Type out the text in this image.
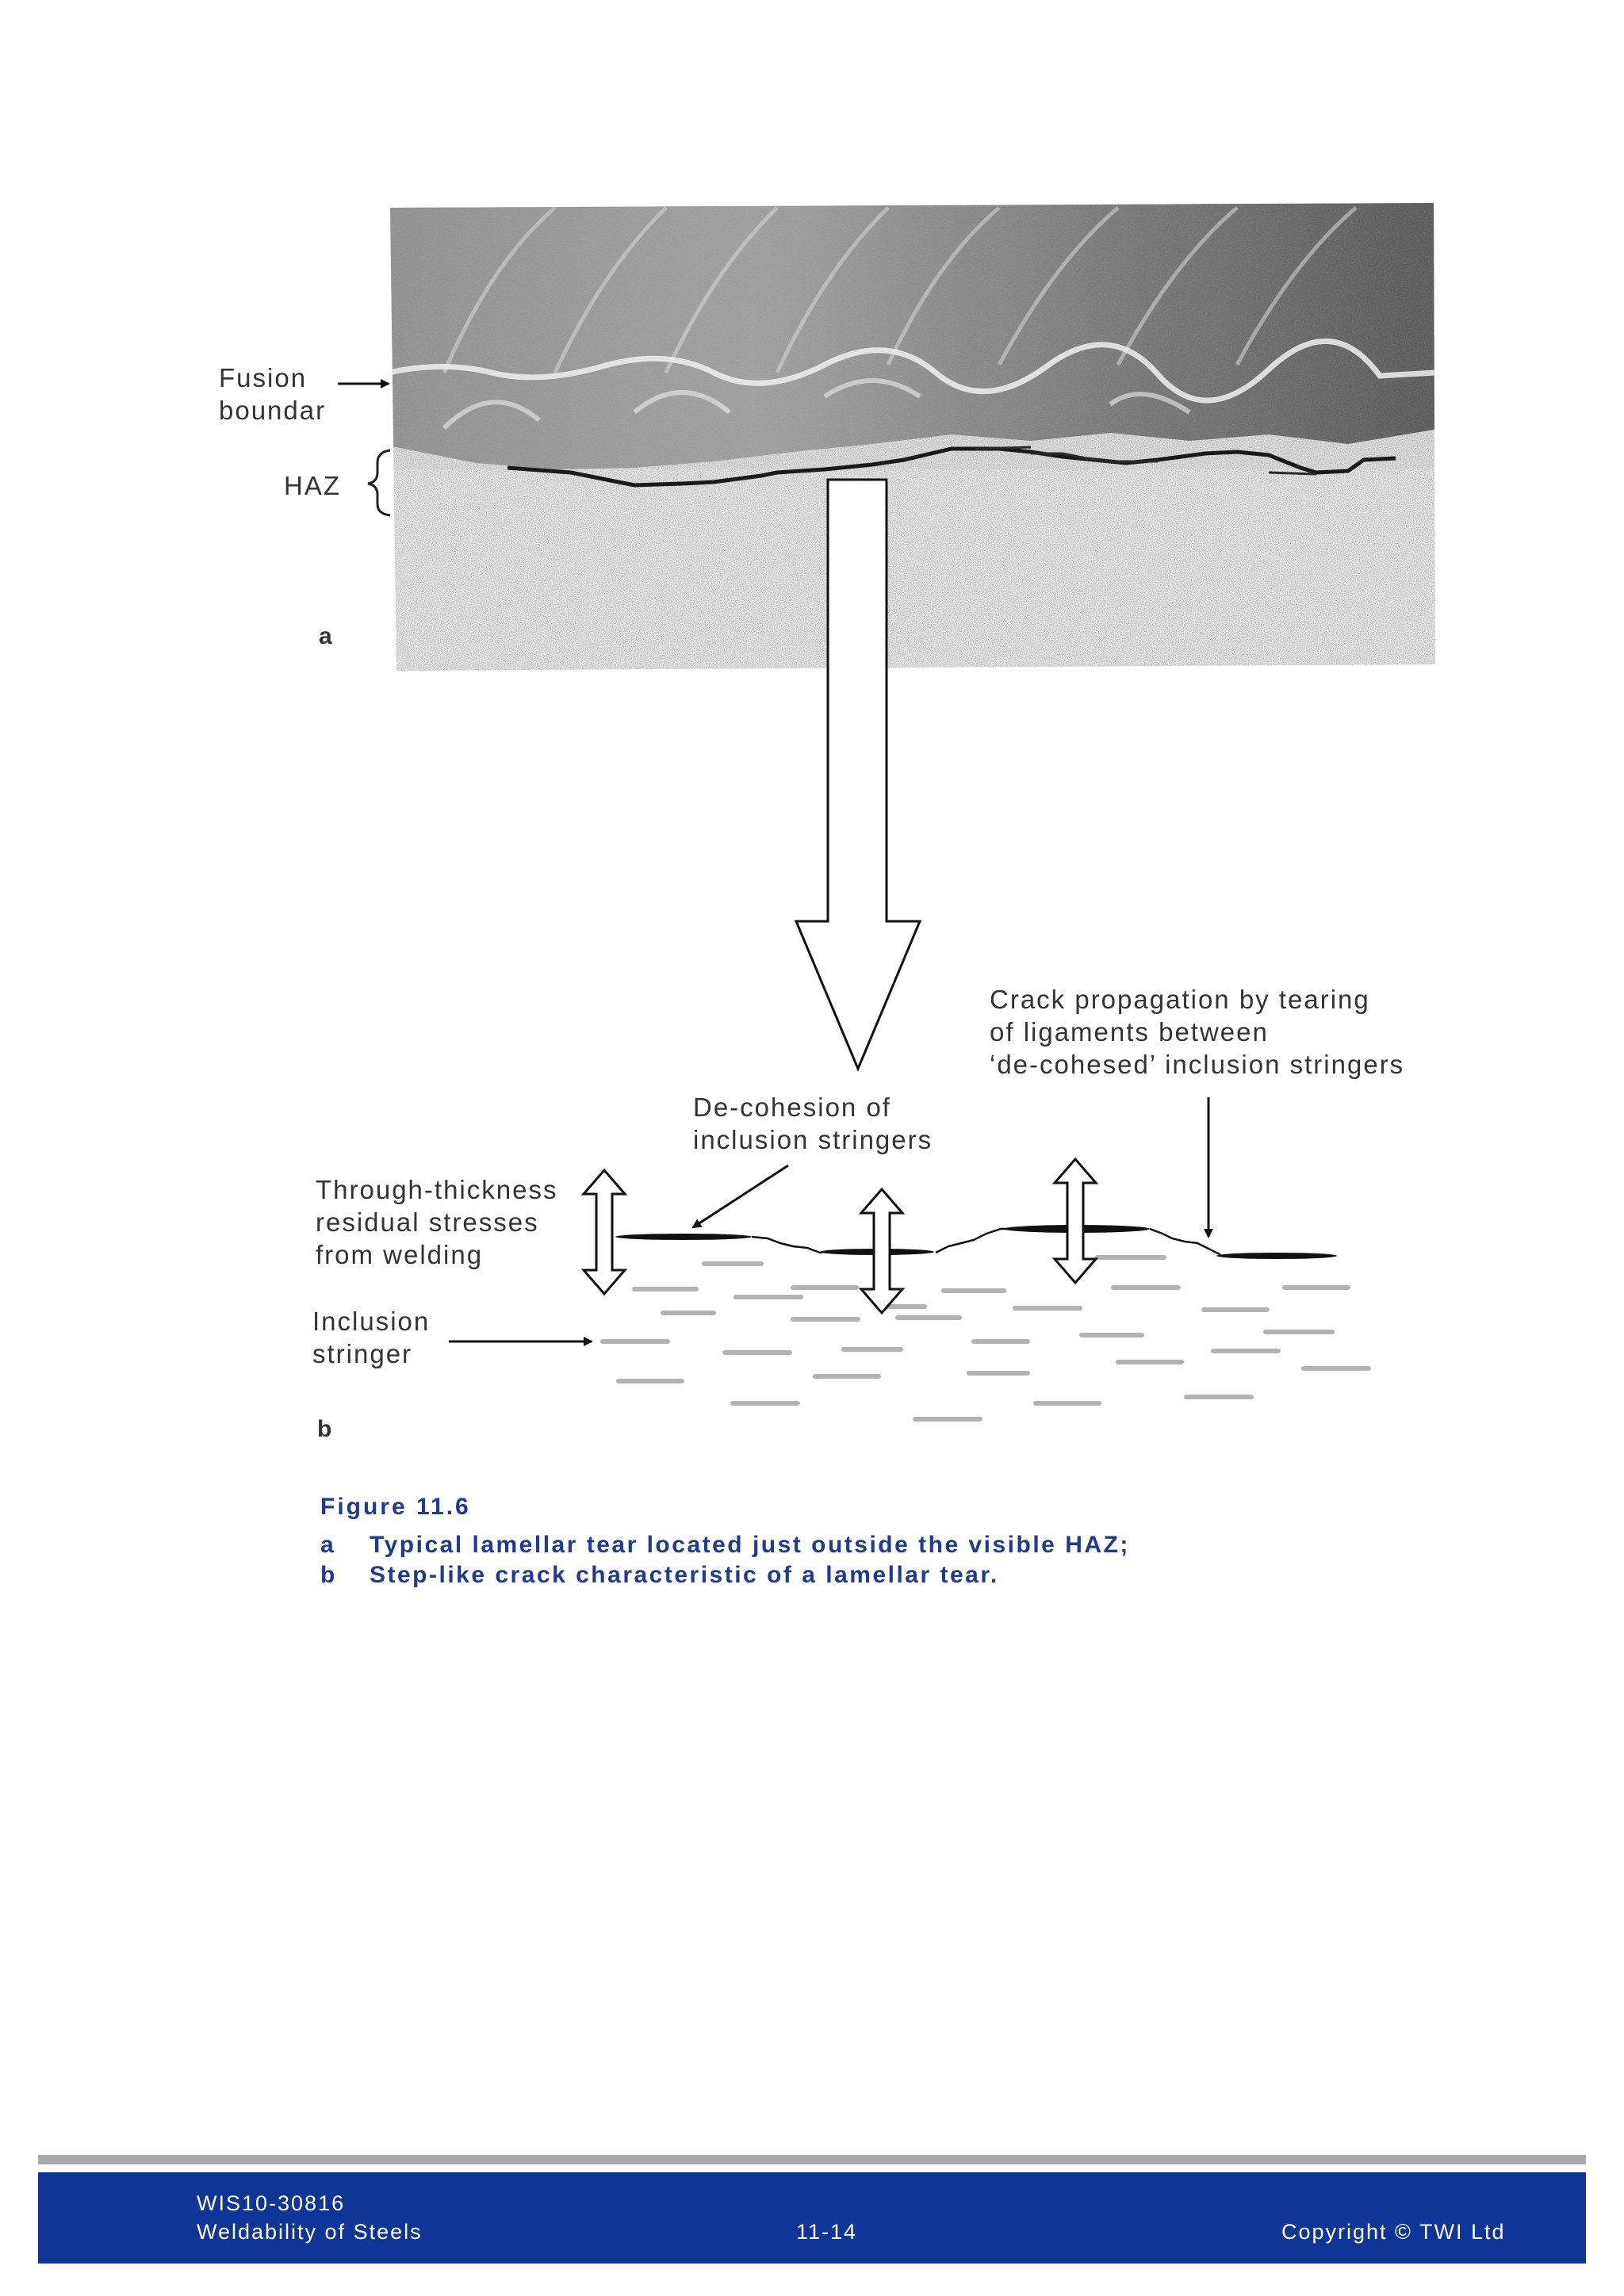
Fusion
boundar
HAZ
a
Crack propagation by tearing
of ligaments between
‘de-cohesed’ inclusion stringers
De-cohesion of
inclusion stringers
Through-thickness
residual stresses
from welding
Inclusion
stringer
b
Figure 11.6
a Typical lamellar tear located just outside the visible HAZ;
b Step-like crack characteristic of a lamellar tear.
WIS10-30816
Weldability of Steels	11-14	Copyright © TWI Ltd
